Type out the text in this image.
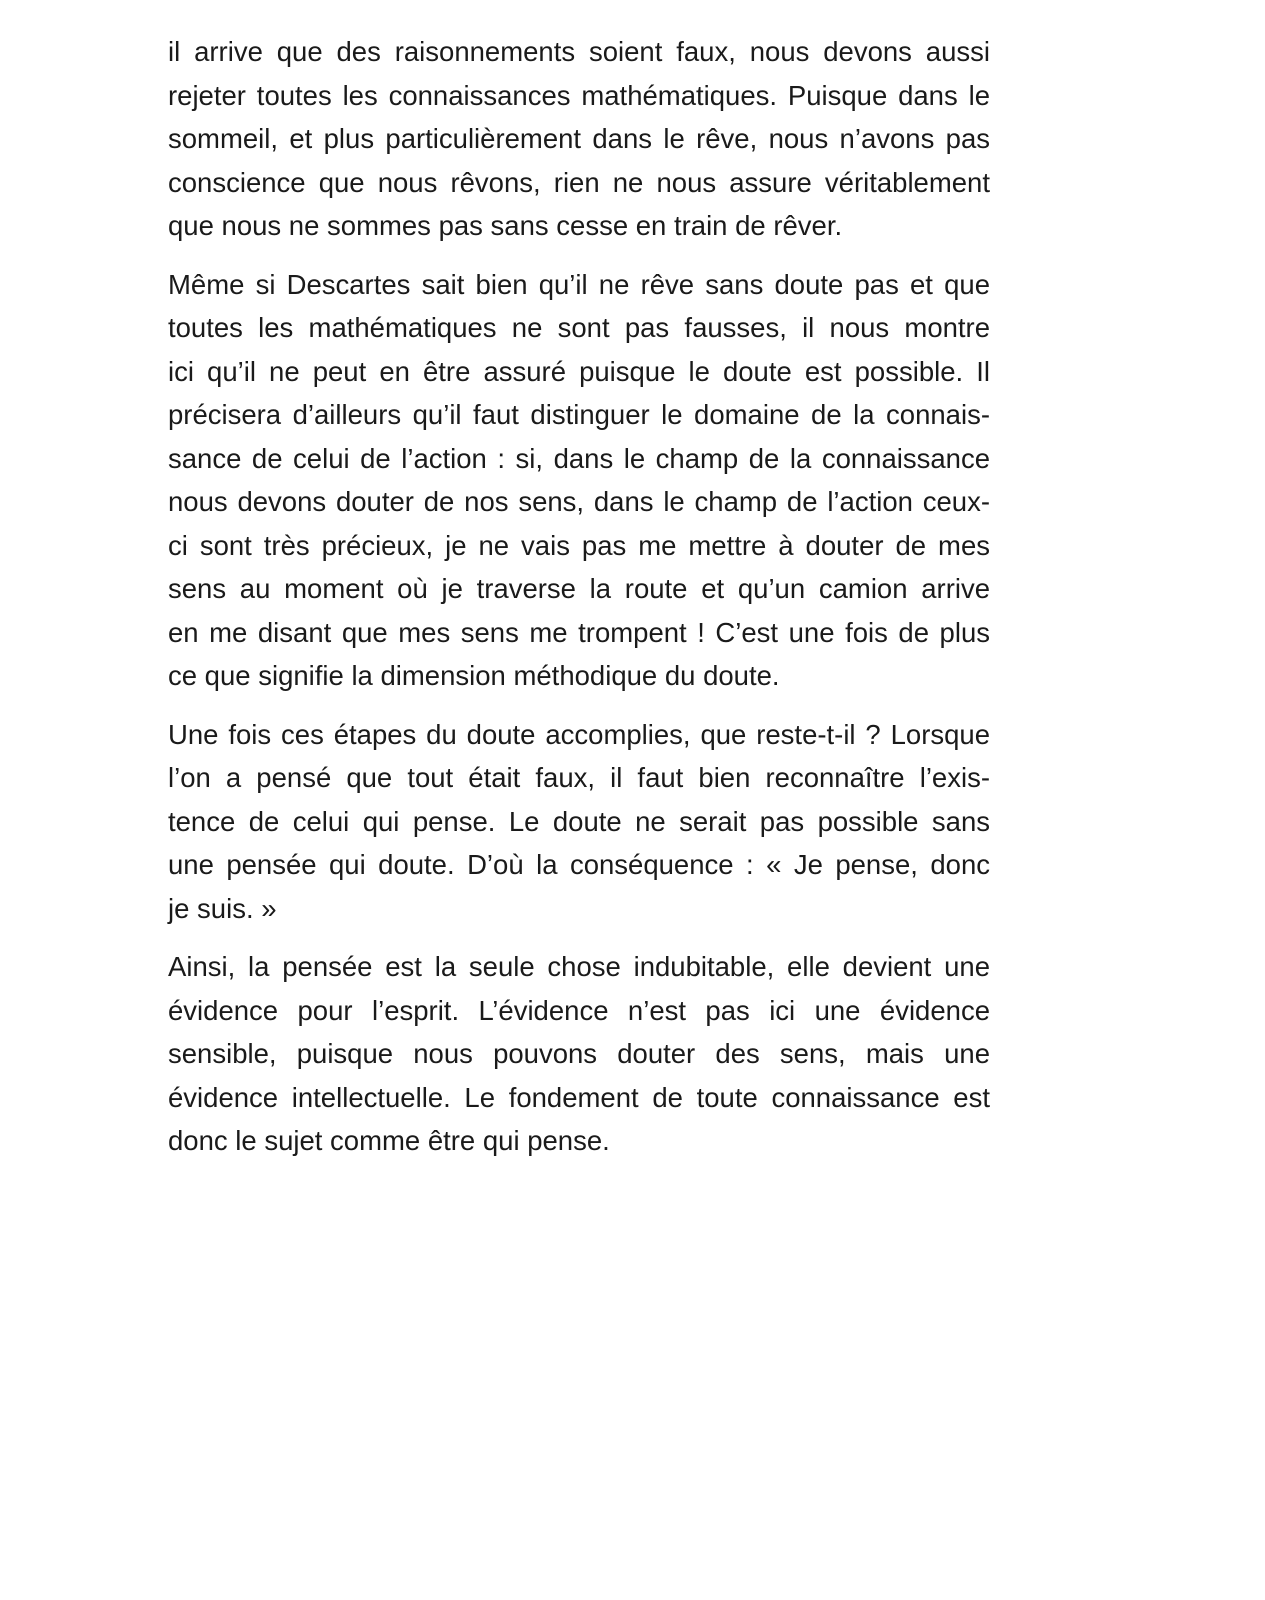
il arrive que des raisonnements soient faux, nous devons aussi
rejeter toutes les connaissances mathématiques. Puisque dans le
sommeil, et plus particulièrement dans le rêve, nous n’avons pas
conscience que nous rêvons, rien ne nous assure véritablement
que nous ne sommes pas sans cesse en train de rêver.
Même si Descartes sait bien qu’il ne rêve sans doute pas et que
toutes les mathématiques ne sont pas fausses, il nous montre
ici qu’il ne peut en être assuré puisque le doute est possible. Il
précisera d’ailleurs qu’il faut distinguer le domaine de la connais-
sance de celui de l’action : si, dans le champ de la connaissance
nous devons douter de nos sens, dans le champ de l’action ceux-
ci sont très précieux, je ne vais pas me mettre à douter de mes
sens au moment où je traverse la route et qu’un camion arrive
en me disant que mes sens me trompent ! C’est une fois de plus
ce que signifie la dimension méthodique du doute.
Une fois ces étapes du doute accomplies, que reste-t-il ? Lorsque
l’on a pensé que tout était faux, il faut bien reconnaître l’exis-
tence de celui qui pense. Le doute ne serait pas possible sans
une pensée qui doute. D’où la conséquence : « Je pense, donc
je suis. »
Ainsi, la pensée est la seule chose indubitable, elle devient une
évidence pour l’esprit. L’évidence n’est pas ici une évidence
sensible, puisque nous pouvons douter des sens, mais une
évidence intellectuelle. Le fondement de toute connaissance est
donc le sujet comme être qui pense.
